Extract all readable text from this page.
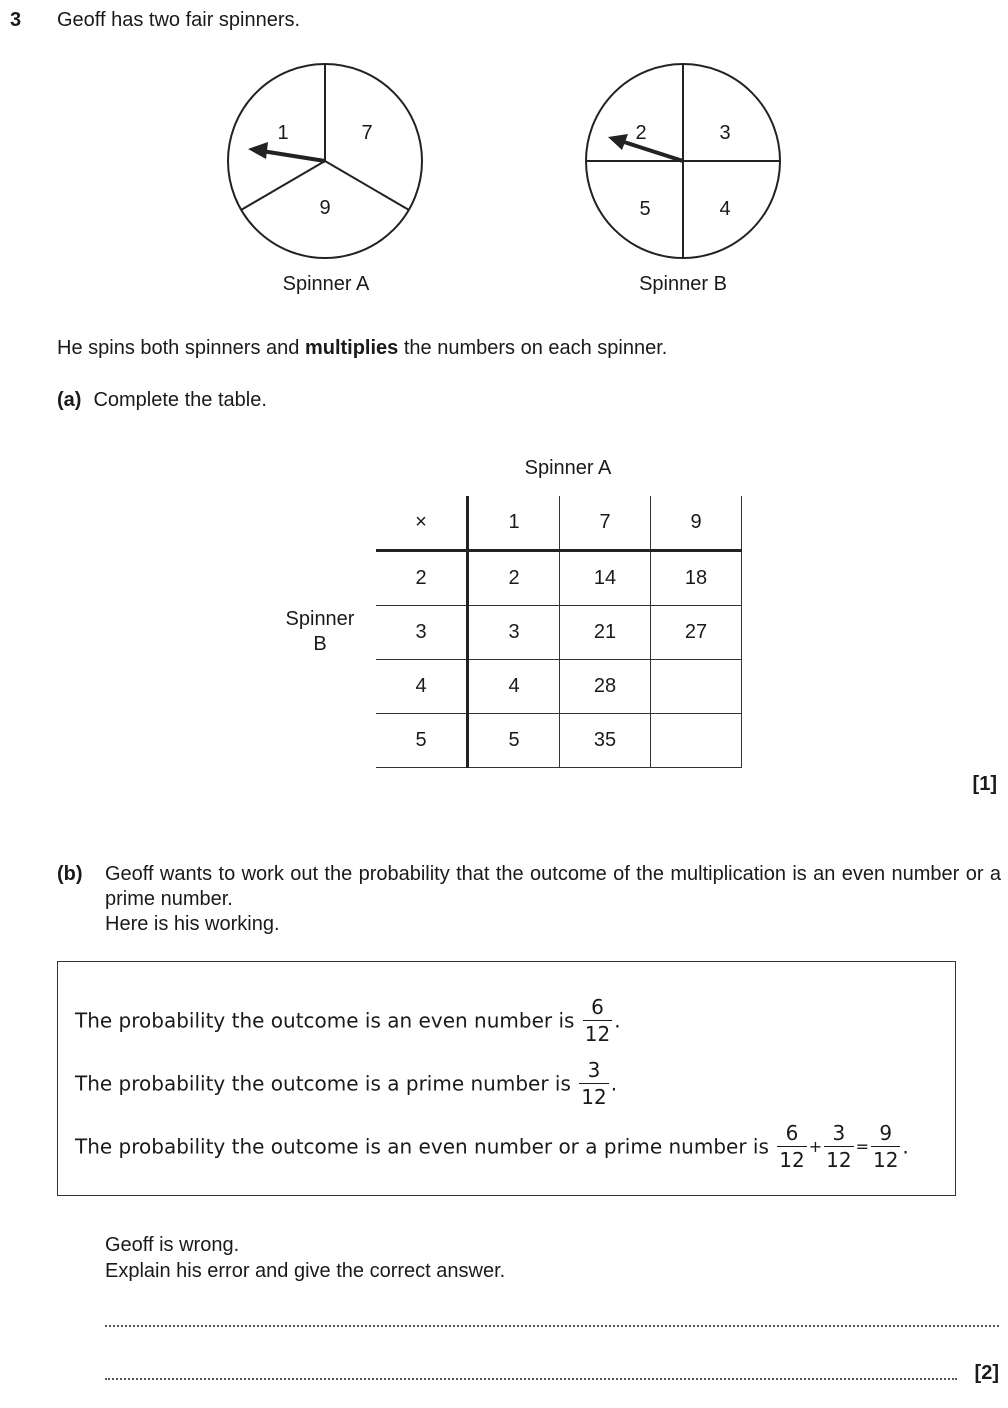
3 Geoff has two fair spinners.
1	7
9
Spinner A
2	3
5	4
Spinner B
He spins both spinners and multiplies the numbers on each spinner.
(a) Complete the table.
Spinner A
Spinner
B
×	1	7	9
2	2	14	18
3	3	21	27
4	4	28	
5	5	35	
[1]
(b) Geoff wants to work out the probability that the outcome of the multiplication is an even number or a prime number.
Here is his working.
The probability the outcome is an even number is $\frac{6}{12}$ .
The probability the outcome is a prime number is $\frac{3}{12}$ .
The probability the outcome is an even number or a prime number is $\frac{6}{12} + \frac{3}{12} = \frac{9}{12}$ .
Geoff is wrong.
Explain his error and give the correct answer.
[2]
